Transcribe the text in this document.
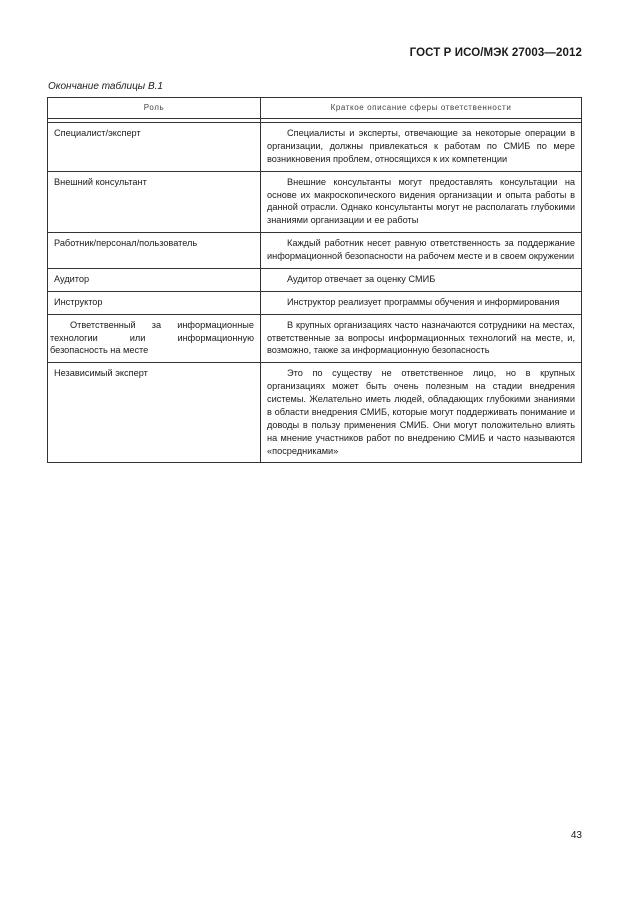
ГОСТ Р ИСО/МЭК 27003—2012
Окончание таблицы В.1
Роль	Краткое описание сферы ответственности

Специалист/эксперт	Специалисты и эксперты, отвечающие за некоторые операции в организации, должны привлекаться к работам по СМИБ по мере возникновения проблем, относящихся к их компетенции
Внешний консультант	Внешние консультанты могут предоставлять консультации на основе их макроскопического видения организации и опыта работы в данной отрасли. Однако консультанты могут не располагать глубокими знаниями организации и ее работы
Работник/персонал/пользователь	Каждый работник несет равную ответственность за поддержание информационной безопасности на рабочем месте и в своем окружении
Аудитор	Аудитор отвечает за оценку СМИБ
Инструктор	Инструктор реализует программы обучения и информирования
Ответственный за информационные технологии или информационную безопасность на месте	В крупных организациях часто назначаются сотрудники на местах, ответственные за вопросы информационных технологий на месте, и, возможно, также за информационную безопасность
Независимый эксперт	Это по существу не ответственное лицо, но в крупных организациях может быть очень полезным на стадии внедрения системы. Желательно иметь людей, обладающих глубокими знаниями в области внедрения СМИБ, которые могут поддерживать понимание и доводы в пользу применения СМИБ. Они могут положительно влиять на мнение участников работ по внедрению СМИБ и часто называются «посредниками»
43
